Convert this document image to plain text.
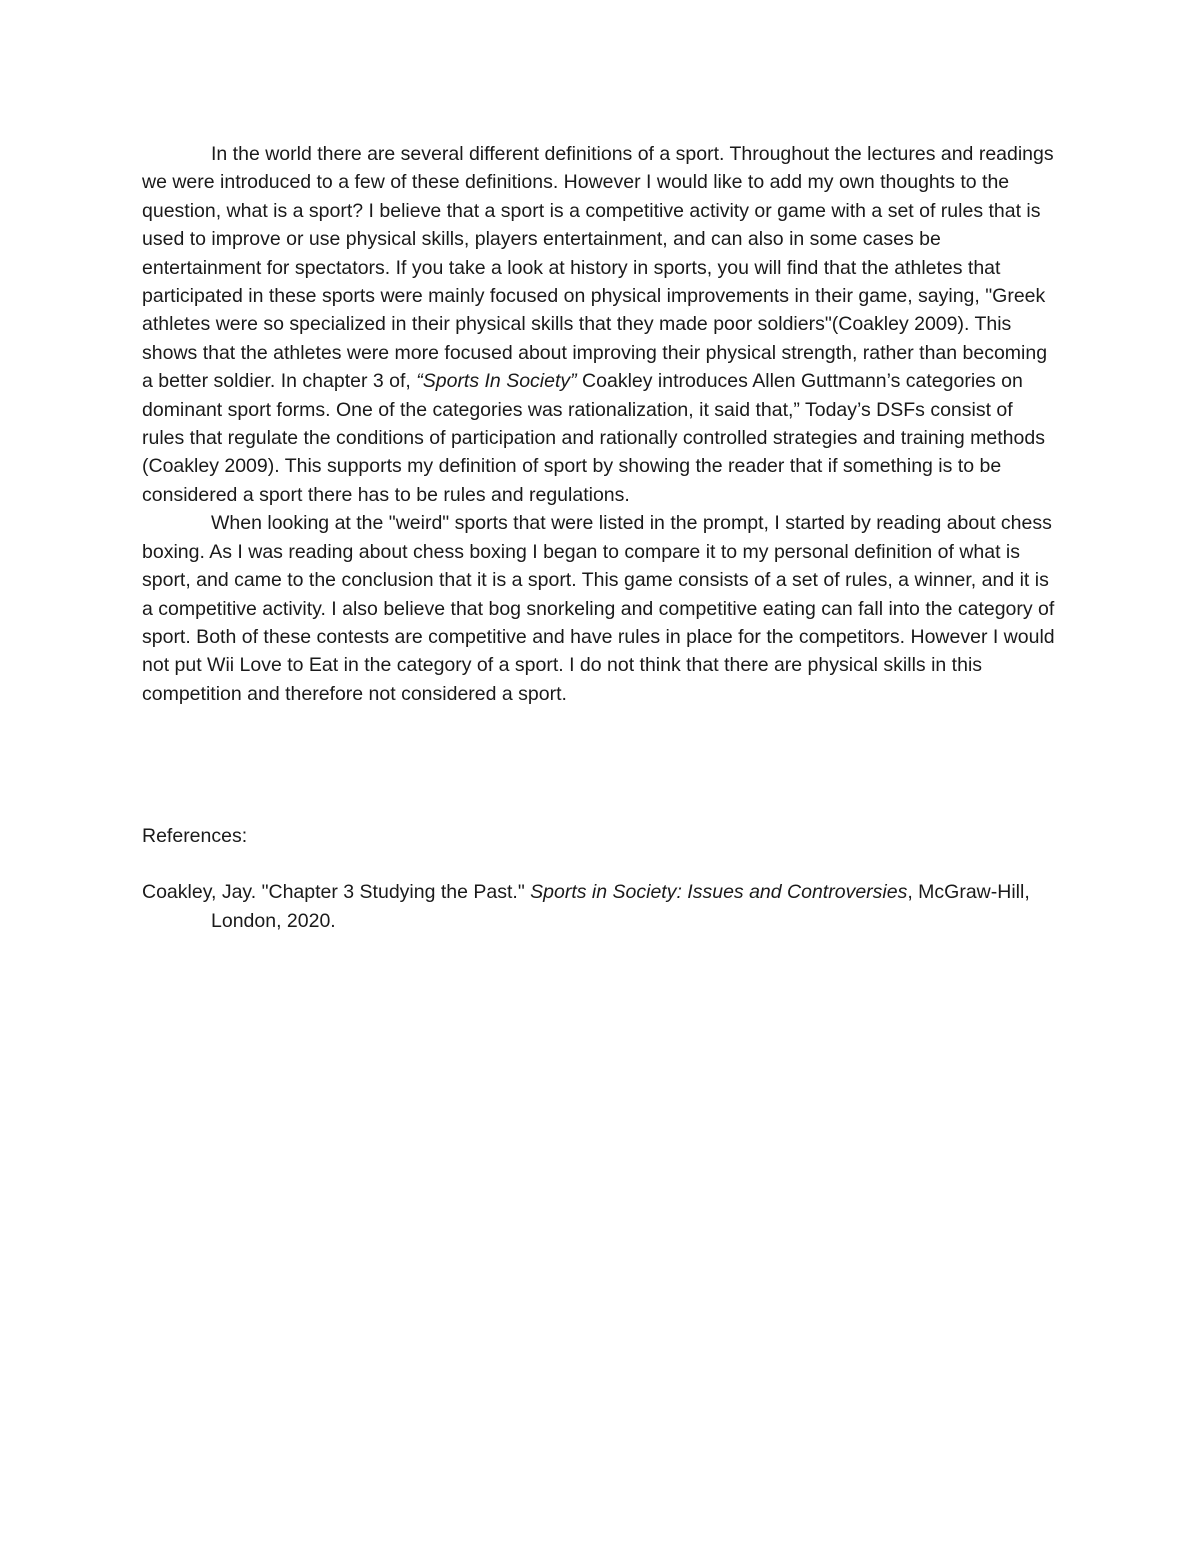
In the world there are several different definitions of a sport. Throughout the lectures and readings we were introduced to a few of these definitions. However I would like to add my own thoughts to the question, what is a sport? I believe that a sport is a competitive activity or game with a set of rules that is used to improve or use physical skills, players entertainment, and can also in some cases be entertainment for spectators. If you take a look at history in sports, you will find that the athletes that participated in these sports were mainly focused on physical improvements in their game, saying, "Greek athletes were so specialized in their physical skills that they made poor soldiers"(Coakley 2009). This shows that the athletes were more focused about improving their physical strength, rather than becoming a better soldier. In chapter 3 of, “Sports In Society” Coakley introduces Allen Guttmann’s categories on dominant sport forms. One of the categories was rationalization, it said that,” Today’s DSFs consist of rules that regulate the conditions of participation and rationally controlled strategies and training methods (Coakley 2009). This supports my definition of sport by showing the reader that if something is to be considered a sport there has to be rules and regulations.

When looking at the "weird" sports that were listed in the prompt, I started by reading about chess boxing. As I was reading about chess boxing I began to compare it to my personal definition of what is sport, and came to the conclusion that it is a sport. This game consists of a set of rules, a winner, and it is a competitive activity. I also believe that bog snorkeling and competitive eating can fall into the category of sport. Both of these contests are competitive and have rules in place for the competitors. However I would not put Wii Love to Eat in the category of a sport. I do not think that there are physical skills in this competition and therefore not considered a sport.

References:

Coakley, Jay. "Chapter 3 Studying the Past." Sports in Society: Issues and Controversies, McGraw-Hill, London, 2020.
